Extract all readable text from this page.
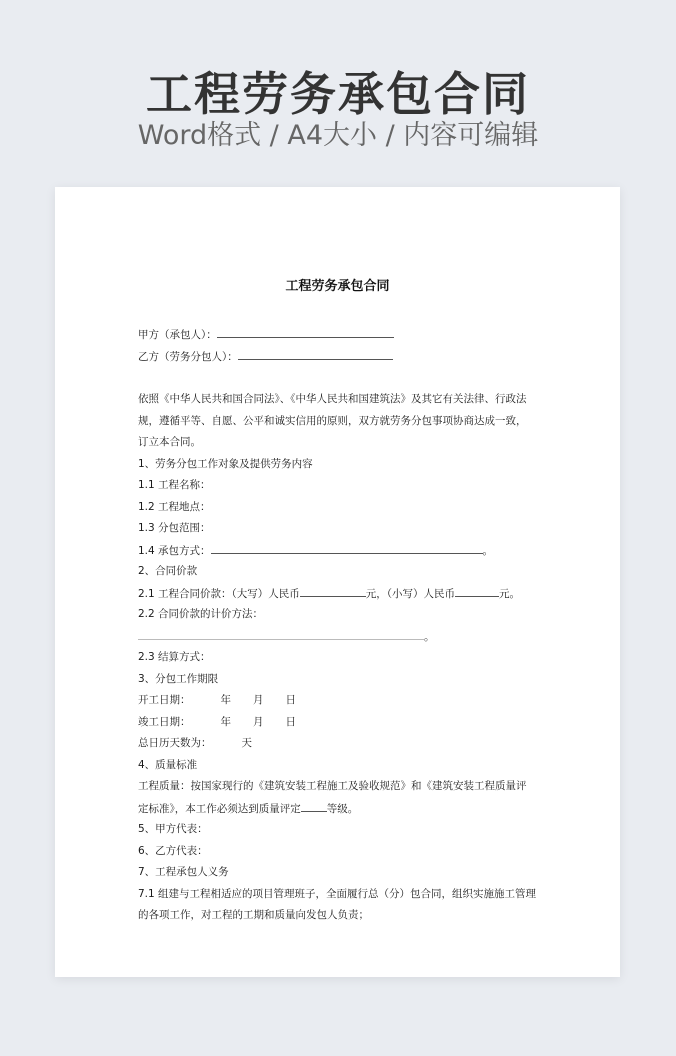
工程劳务承包合同
Word格式 / A4大小 / 内容可编辑
工程劳务承包合同
甲方（承包人）：
乙方（劳务分包人）：
依照《中华人民共和国合同法》、《中华人民共和国建筑法》及其它有关法律、行政法
规，遵循平等、自愿、公平和诚实信用的原则，双方就劳务分包事项协商达成一致，
订立本合同。
1、劳务分包工作对象及提供劳务内容
1.1 工程名称：
1.2 工程地点：
1.3 分包范围：
1.4 承包方式：	。
2、合同价款
2.1 工程合同价款：（大写）人民币	元，（小写）人民币	元。
2.2 合同价款的计价方法：
。
2.3 结算方式：
3、分包工作期限
开工日期：	年 月 日
竣工日期：	年 月 日
总日历天数为：	天
4、质量标准
工程质量：按国家现行的《建筑安装工程施工及验收规范》和《建筑安装工程质量评
定标准》，本工作必须达到质量评定 等级。
5、甲方代表：
6、乙方代表：
7、工程承包人义务
7.1 组建与工程相适应的项目管理班子，全面履行总（分）包合同，组织实施施工管理
的各项工作，对工程的工期和质量向发包人负责；
